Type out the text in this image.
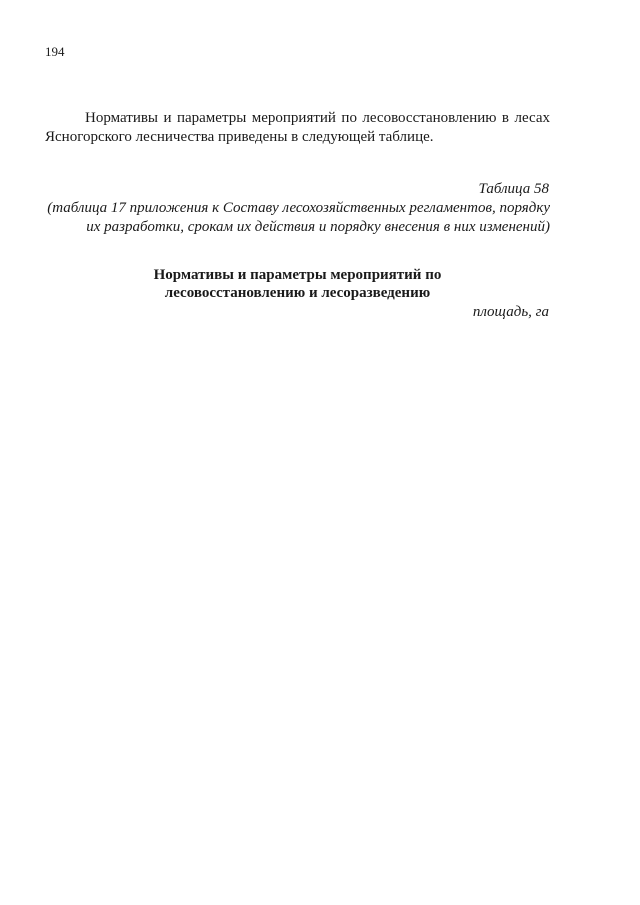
194

Нормативы и параметры мероприятий по лесовосстановлению в лесах Ясногорского лесничества приведены в следующей таблице.

Таблица 58

(таблица 17 приложения к Составу лесохозяйственных регламентов, порядку их разработки, срокам их действия и порядку внесения в них изменений)

Нормативы и параметры мероприятий по
лесовосстановлению и лесоразведению
площадь, га
